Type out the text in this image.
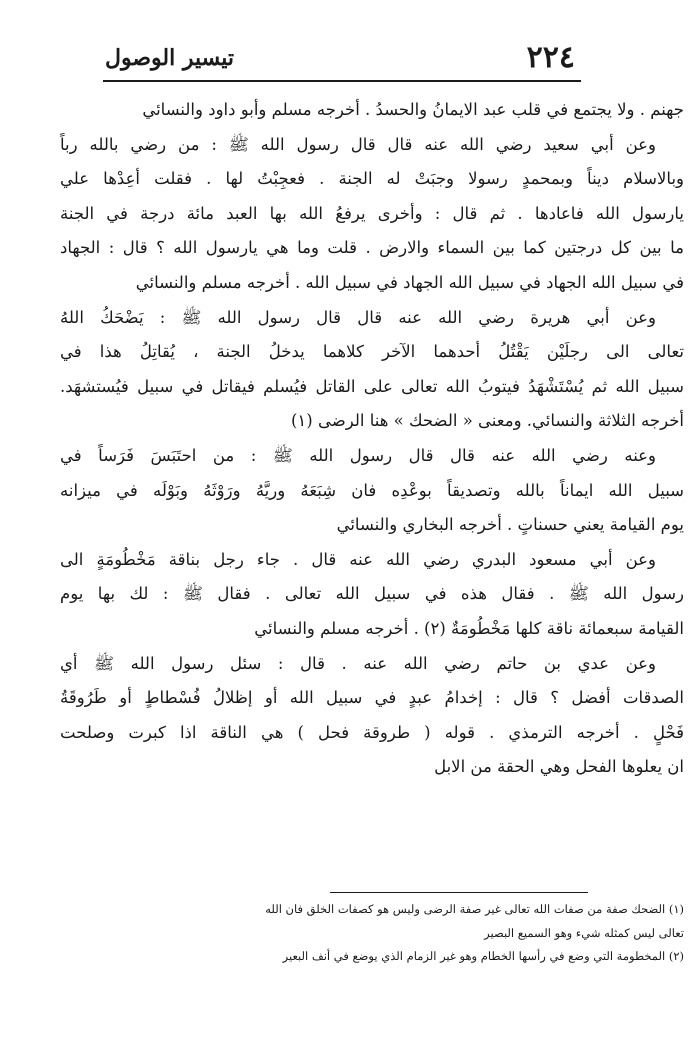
٢٢٤
تيسير الوصول
جهنم . ولا يجتمع في قلب عبد الايمانُ والحسدُ . أخرجه مسلم وأبو داود والنسائي
وعن أبي سعيد رضي الله عنه قال قال رسول الله ﷺ : من رضي بالله رباً
وبالاسلام ديناً وبمحمدٍ رسولا وجبَتْ له الجنة . فعجِبْتُ لها . فقلت أعِدْها علي
يارسول الله فاعادها . ثم قال : وأخرى يرفعُ الله بها العبد مائة درجة في الجنة
ما بين كل درجتين كما بين السماء والارض . قلت وما هي يارسول الله ؟ قال : الجهاد
في سبيل الله الجهاد في سبيل الله الجهاد في سبيل الله . أخرجه مسلم والنسائي
وعن أبي هريرة رضي الله عنه قال قال رسول الله ﷺ : يَضْحَكُ اللهُ
تعالى الى رجلَيْن يَقْتُلُ أحدهما الآخر كلاهما يدخلُ الجنة ، يُقاتِلُ هذا في
سبيل الله ثم يُسْتَشْهَدُ فيتوبُ الله تعالى على القاتل فيُسلم فيقاتل في سبيل فيُستشهَد.
أخرجه الثلاثة والنسائي. ومعنى « الضحك » هنا الرضى (١)
وعنه رضي الله عنه قال قال رسول الله ﷺ : من احتَبَسَ فَرَساً في
سبيل الله ايماناً بالله وتصديقاً بوعْدِه فان شِبَعَهُ وريَّهُ ورَوْثَهُ وبَوْلَه في ميزانه
يوم القيامة يعني حسناتٍ . أخرجه البخاري والنسائي
وعن أبي مسعود البدري رضي الله عنه قال . جاء رجل بناقة مَخْطُومَةٍ الى
رسول الله ﷺ . فقال هذه في سبيل الله تعالى . فقال ﷺ : لك بها يوم
القيامة سبعمائة ناقة كلها مَخْطُومَةٌ (٢) . أخرجه مسلم والنسائي
وعن عدي بن حاتم رضي الله عنه . قال : سئل رسول الله ﷺ أي
الصدقات أفضل ؟ قال : إخدامُ عبدٍ في سبيل الله أو إظلالُ فُسْطاطٍ أو طَرُوقَةُ
فَحْلٍ . أخرجه الترمذي . قوله ( طروقة فحل ) هي الناقة اذا كبرت وصلحت
ان يعلوها الفحل وهي الحقة من الابل
(١) الضحك صفة من صفات الله تعالى غير صفة الرضى وليس هو كصفات الخلق فان الله
تعالى ليس كمثله شيء وهو السميع البصير
(٢) المخطومة التي وضع في رأسها الخطام وهو غير الزمام الذي يوضع في أنف البعير
